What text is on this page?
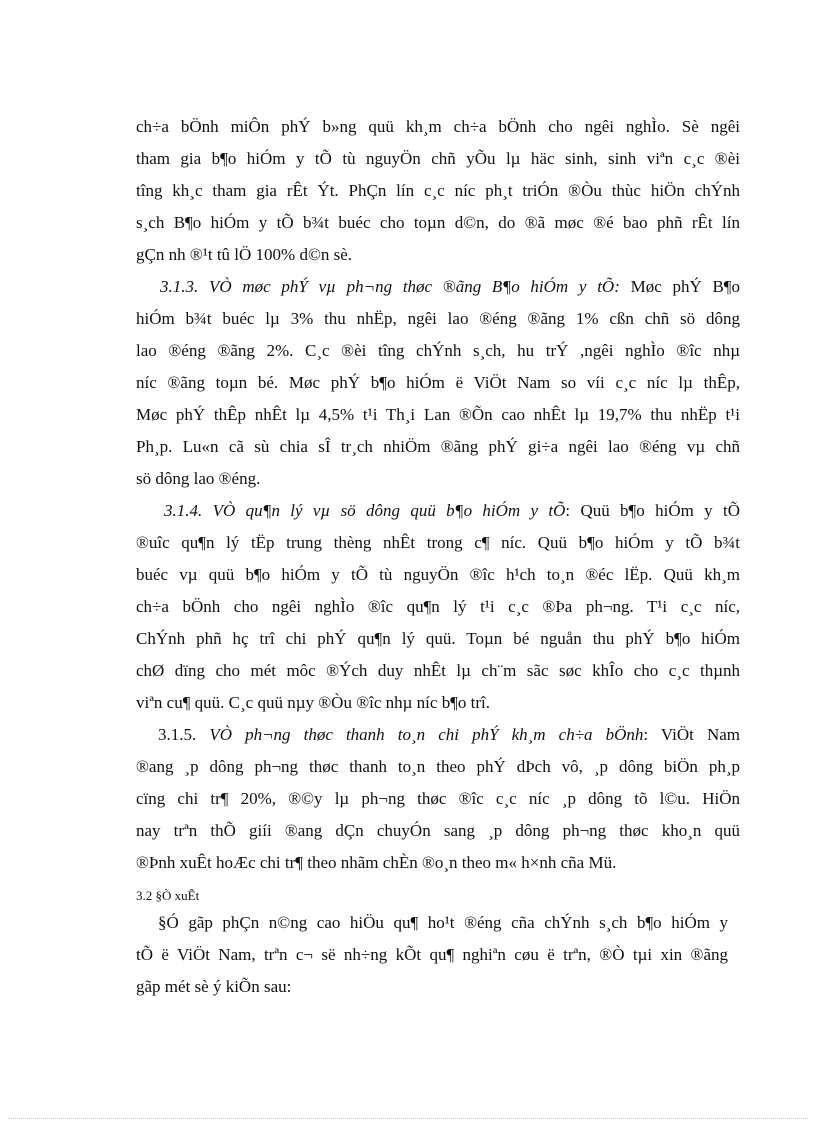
ch÷a bÖnh miÔn phÝ b»ng quü kh¸m ch÷a bÖnh cho ngêi nghÌo. Sè ngêi
tham gia b¶o hiÓm y tÕ tù nguyÖn chñ yÕu lµ häc sinh, sinh viªn c¸c ®èi
tîng kh¸c tham gia rÊt Ýt. PhÇn lín c¸c níc ph¸t triÓn ®Òu thùc hiÖn chÝnh
s¸ch B¶o hiÓm y tÕ b¾t buéc cho toµn d©n, do ®ã møc ®é bao phñ rÊt lín
gÇn nh ®¹t tû lÖ 100% d©n sè.
3.1.3. VÒ møc phÝ vµ ph¬ng thøc ®ãng B¶o hiÓm y tÕ: Møc phÝ B¶o
hiÓm b¾t buéc lµ 3% thu nhËp, ngêi lao ®éng ®ãng 1% cßn chñ sö dông
lao ®éng ®ãng 2%. C¸c ®èi tîng chÝnh s¸ch, hu trÝ ,ngêi nghÌo ®îc nhµ
níc ®ãng toµn bé. Møc phÝ b¶o hiÓm ë ViÖt Nam so víi c¸c níc lµ thÊp,
Møc phÝ thÊp nhÊt lµ 4,5% t¹i Th¸i Lan ®Õn cao nhÊt lµ 19,7% thu nhËp t¹i
Ph¸p. Lu«n cã sù chia sÎ tr¸ch nhiÖm ®ãng phÝ gi÷a ngêi lao ®éng vµ chñ
sö dông lao ®éng.
3.1.4. VÒ qu¶n lý vµ sö dông quü b¶o hiÓm y tÕ: Quü b¶o hiÓm y tÕ
®uîc qu¶n lý tËp trung thèng nhÊt trong c¶ níc. Quü b¶o hiÓm y tÕ b¾t
buéc vµ quü b¶o hiÓm y tÕ tù nguyÖn ®îc h¹ch to¸n ®éc lËp. Quü kh¸m
ch÷a bÖnh cho ngêi nghÌo ®îc qu¶n lý t¹i c¸c ®Þa ph¬ng. T¹i c¸c níc,
ChÝnh phñ hç trî chi phÝ qu¶n lý quü. Toµn bé nguån thu phÝ b¶o hiÓm
chØ dïng cho mét môc ®Ých duy nhÊt lµ ch¨m sãc søc khÎo cho c¸c thµnh
viªn cu¶ quü. C¸c quü nµy ®Òu ®îc nhµ níc b¶o trî.
3.1.5. VÒ ph¬ng thøc thanh to¸n chi phÝ kh¸m ch÷a bÖnh: ViÖt Nam
®ang ¸p dông ph¬ng thøc thanh to¸n theo phÝ dÞch vô, ¸p dông biÖn ph¸p
cïng chi tr¶ 20%, ®©y lµ ph¬ng thøc ®îc c¸c níc ¸p dông tõ l©u. HiÖn
nay trªn thÕ giíi ®ang dÇn chuyÓn sang ¸p dông ph¬ng thøc kho¸n quü
®Þnh xuÊt hoÆc chi tr¶ theo nhãm chÈn ®o¸n theo m« h×nh cña Mü.
3.2 §Ò xuÊt
§Ó gãp phÇn n©ng cao hiÖu qu¶ ho¹t ®éng cña chÝnh s¸ch b¶o hiÓm y
tÕ ë ViÖt Nam, trªn c¬ së nh÷ng kÕt qu¶ nghiªn cøu ë trªn, ®Ò tµi xin ®ãng
gãp mét sè ý kiÕn sau:
